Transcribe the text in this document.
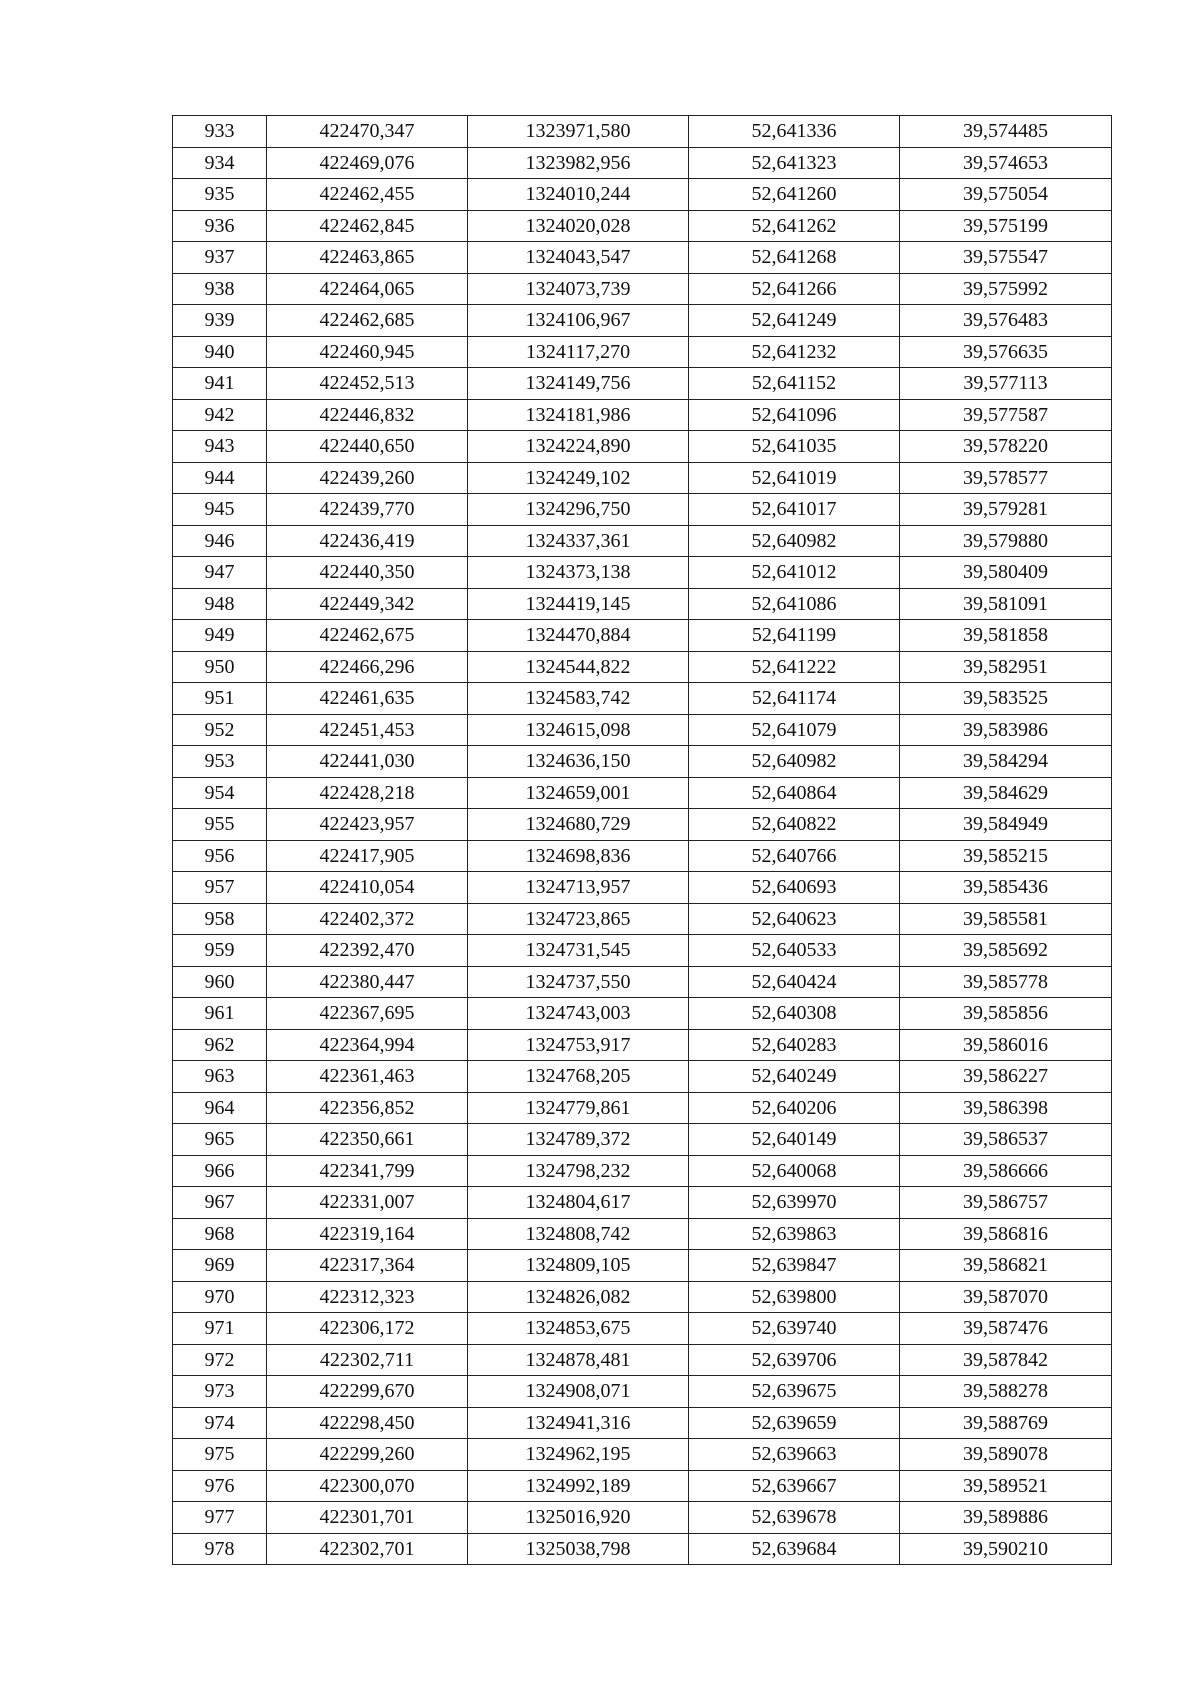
933	422470,347	1323971,580	52,641336	39,574485
934	422469,076	1323982,956	52,641323	39,574653
935	422462,455	1324010,244	52,641260	39,575054
936	422462,845	1324020,028	52,641262	39,575199
937	422463,865	1324043,547	52,641268	39,575547
938	422464,065	1324073,739	52,641266	39,575992
939	422462,685	1324106,967	52,641249	39,576483
940	422460,945	1324117,270	52,641232	39,576635
941	422452,513	1324149,756	52,641152	39,577113
942	422446,832	1324181,986	52,641096	39,577587
943	422440,650	1324224,890	52,641035	39,578220
944	422439,260	1324249,102	52,641019	39,578577
945	422439,770	1324296,750	52,641017	39,579281
946	422436,419	1324337,361	52,640982	39,579880
947	422440,350	1324373,138	52,641012	39,580409
948	422449,342	1324419,145	52,641086	39,581091
949	422462,675	1324470,884	52,641199	39,581858
950	422466,296	1324544,822	52,641222	39,582951
951	422461,635	1324583,742	52,641174	39,583525
952	422451,453	1324615,098	52,641079	39,583986
953	422441,030	1324636,150	52,640982	39,584294
954	422428,218	1324659,001	52,640864	39,584629
955	422423,957	1324680,729	52,640822	39,584949
956	422417,905	1324698,836	52,640766	39,585215
957	422410,054	1324713,957	52,640693	39,585436
958	422402,372	1324723,865	52,640623	39,585581
959	422392,470	1324731,545	52,640533	39,585692
960	422380,447	1324737,550	52,640424	39,585778
961	422367,695	1324743,003	52,640308	39,585856
962	422364,994	1324753,917	52,640283	39,586016
963	422361,463	1324768,205	52,640249	39,586227
964	422356,852	1324779,861	52,640206	39,586398
965	422350,661	1324789,372	52,640149	39,586537
966	422341,799	1324798,232	52,640068	39,586666
967	422331,007	1324804,617	52,639970	39,586757
968	422319,164	1324808,742	52,639863	39,586816
969	422317,364	1324809,105	52,639847	39,586821
970	422312,323	1324826,082	52,639800	39,587070
971	422306,172	1324853,675	52,639740	39,587476
972	422302,711	1324878,481	52,639706	39,587842
973	422299,670	1324908,071	52,639675	39,588278
974	422298,450	1324941,316	52,639659	39,588769
975	422299,260	1324962,195	52,639663	39,589078
976	422300,070	1324992,189	52,639667	39,589521
977	422301,701	1325016,920	52,639678	39,589886
978	422302,701	1325038,798	52,639684	39,590210
